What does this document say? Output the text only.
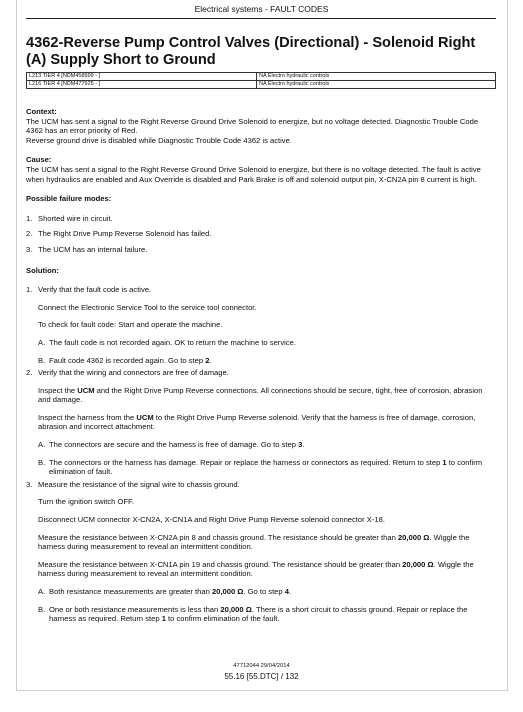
Electrical systems - FAULT CODES
4362-Reverse Pump Control Valves (Directional) - Solenoid Right (A) Supply Short to Ground
L213 TIER 4 [NDM458999 - ]	NA Electro hydraulic controls
L216 TIER 4 [NDM477925 - ]	NA Electro hydraulic controls

Context:

The UCM has sent a signal to the Right Reverse Ground Drive Solenoid to energize, but no voltage detected. Diagnostic Trouble Code 4362 has an error priority of Red.

Reverse ground drive is disabled while Diagnostic Trouble Code 4362 is active.

Cause:

The UCM has sent a signal to the Right Reverse Ground Drive Solenoid to energize, but there is no voltage detected. The fault is active when hydraulics are enabled and Aux Override is disabled and Park Brake is off and solenoid output pin, X-CN2A pin 8 current is high.

Possible failure modes:

1. Shorted wire in circuit.
2. The Right Drive Pump Reverse Solenoid has failed.
3. The UCM has an internal failure.

Solution:

1. Verify that the fault code is active.

Connect the Electronic Service Tool to the service tool connector.

To check for fault code: Start and operate the machine.

A. The fault code is not recorded again. OK to return the machine to service.
B. Fault code 4362 is recorded again. Go to step 2.
2. Verify that the wiring and connectors are free of damage.

Inspect the UCM and the Right Drive Pump Reverse connections. All connections should be secure, tight, free of corrosion, abrasion and damage.

Inspect the harness from the UCM to the Right Drive Pump Reverse solenoid. Verify that the harness is free of damage, corrosion, abrasion and incorrect attachment.

A. The connectors are secure and the harness is free of damage. Go to step 3.
B. The connectors or the harness has damage. Repair or replace the harness or connectors as required. Return to step 1 to confirm elimination of fault.
3. Measure the resistance of the signal wire to chassis ground.

Turn the ignition switch OFF.

Disconnect UCM connector X-CN2A, X-CN1A and Right Drive Pump Reverse solenoid connector X-18.

Measure the resistance between X-CN2A pin 8 and chassis ground. The resistance should be greater than 20,000 Ω. Wiggle the harness during measurement to reveal an intermittent condition.

Measure the resistance between X-CN1A pin 19 and chassis ground. The resistance should be greater than 20,000 Ω. Wiggle the harness during measurement to reveal an intermittent condition.

A. Both resistance measurements are greater than 20,000 Ω. Go to step 4.
B. One or both resistance measurements is less than 20,000 Ω. There is a short circuit to chassis ground. Repair or replace the harness as required. Return step 1 to confirm elimination of the fault.
47712044 29/04/2014
55.16 [55.DTC] / 132
